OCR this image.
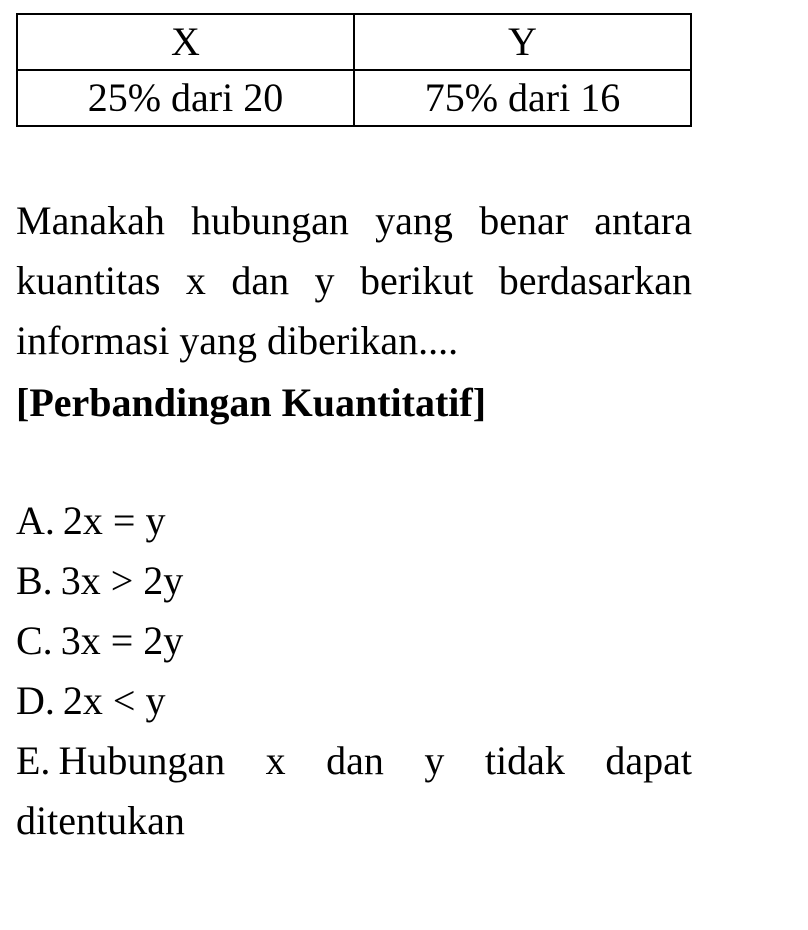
X	Y
25% dari 20	75% dari 16
Manakah hubungan yang benar antara kuantitas x dan y berikut berdasarkan informasi yang diberikan....
[Perbandingan Kuantitatif]
A. 2x = y
B. 3x > 2y
C. 3x = 2y
D. 2x < y
E. Hubungan x dan y tidak dapat ditentukan
